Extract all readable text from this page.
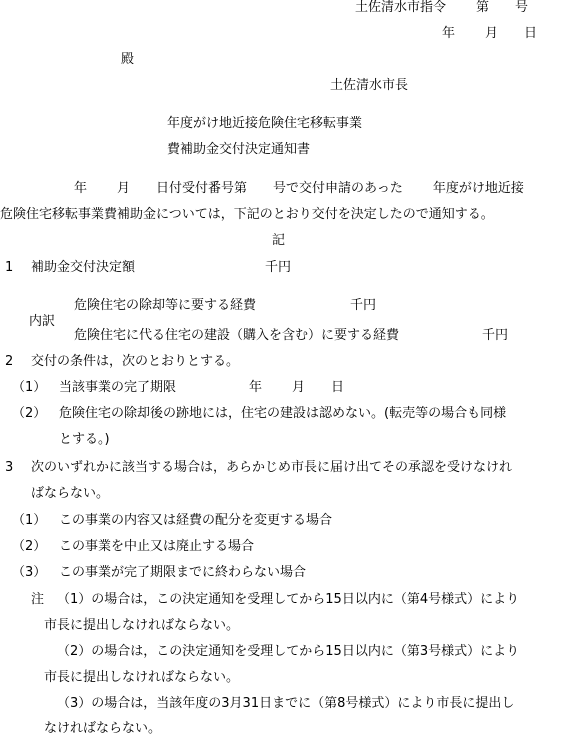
土佐清水市指令 第 号
年 月 日
殿
土佐清水市長
年度がけ地近接危険住宅移転事業
費補助金交付決定通知書
年 月 日付受付番号第 号で交付申請のあった 年度がけ地近接
危険住宅移転事業費補助金については，下記のとおり交付を決定したので通知する。
記
1 補助金交付決定額	千円
内訳
危険住宅の除却等に要する経費	千円
危険住宅に代る住宅の建設（購入を含む）に要する経費	千円
2 交付の条件は，次のとおりとする。
（1） 当該事業の完了期限	年 月 日
（2） 危険住宅の除却後の跡地には，住宅の建設は認めない。(転売等の場合も同様
とする。)
3 次のいずれかに該当する場合は，あらかじめ市長に届け出てその承認を受けなけれ
ばならない。
（1） この事業の内容又は経費の配分を変更する場合
（2） この事業を中止又は廃止する場合
（3） この事業が完了期限までに終わらない場合
注 （1）の場合は，この決定通知を受理してから15日以内に（第4号様式）により
市長に提出しなければならない。
（2）の場合は，この決定通知を受理してから15日以内に（第3号様式）により
市長に提出しなければならない。
（3）の場合は，当該年度の3月31日までに（第8号様式）により市長に提出し
なければならない。
